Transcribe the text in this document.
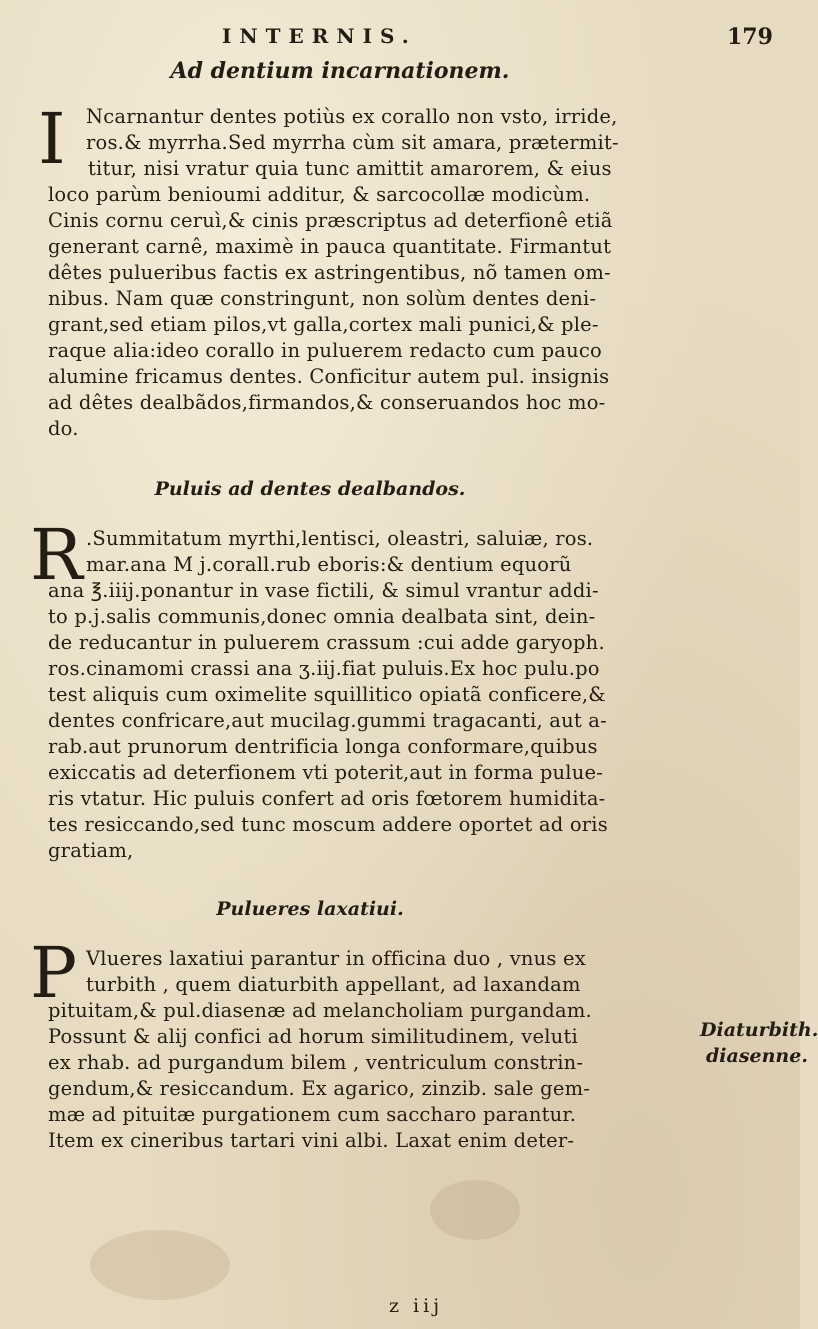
INTERNIS.	179
Ad dentium incarnationem.
I Ncarnantur dentes potiùs ex corallo non vsto, irride,
ros.& myrrha.Sed myrrha cùm sit amara, prætermit-
titur, nisi vratur quia tunc amittit amarorem, & eius
loco parùm benioumi additur, & sarcocollæ modicùm.
Cinis cornu ceruì,& cinis præscriptus ad deterfionê etiã
generant carnê, maximè in pauca quantitate. Firmantut
dêtes pulueribus factis ex astringentibus, nõ tamen om-
nibus. Nam quæ constringunt, non solùm dentes deni-
grant,sed etiam pilos,vt galla,cortex mali punici,& ple-
raque alia:ideo corallo in puluerem redacto cum pauco
alumine fricamus dentes. Conficitur autem pul. insignis
ad dêtes dealbãdos,firmandos,& conseruandos hoc mo-
do.
Puluis ad dentes dealbandos.
R .Summitatum myrthi,lentisci, oleastri, saluiæ, ros.
mar.ana M j.corall.rub eboris:& dentium equorũ
ana ℥.iiij.ponantur in vase fictili, & simul vrantur addi-
to p.j.salis communis,donec omnia dealbata sint, dein-
de reducantur in puluerem crassum :cui adde garyoph.
ros.cinamomi crassi ana ʒ.iij.fiat puluis.Ex hoc pulu.po
test aliquis cum oximelite squillitico opiatã conficere,&
dentes confricare,aut mucilag.gummi tragacanti, aut a-
rab.aut prunorum dentrificia longa conformare,quibus
exiccatis ad deterfionem vti poterit,aut in forma pulue-
ris vtatur. Hic puluis confert ad oris fœtorem humidita-
tes resiccando,sed tunc moscum addere oportet ad oris
gratiam,
Pulueres laxatiui.
P Vlueres laxatiui parantur in officina duo , vnus ex
turbith , quem diaturbith appellant, ad laxandam
pituitam,& pul.diasenæ ad melancholiam purgandam.
Possunt & alij confici ad horum similitudinem, veluti
ex rhab. ad purgandum bilem , ventriculum constrin-
gendum,& resiccandum. Ex agarico, zinzib. sale gem-
mæ ad pituitæ purgationem cum saccharo parantur.
Item ex cineribus tartari vini albi. Laxat enim deter-
Diaturbith.
diasenne.
z iij
